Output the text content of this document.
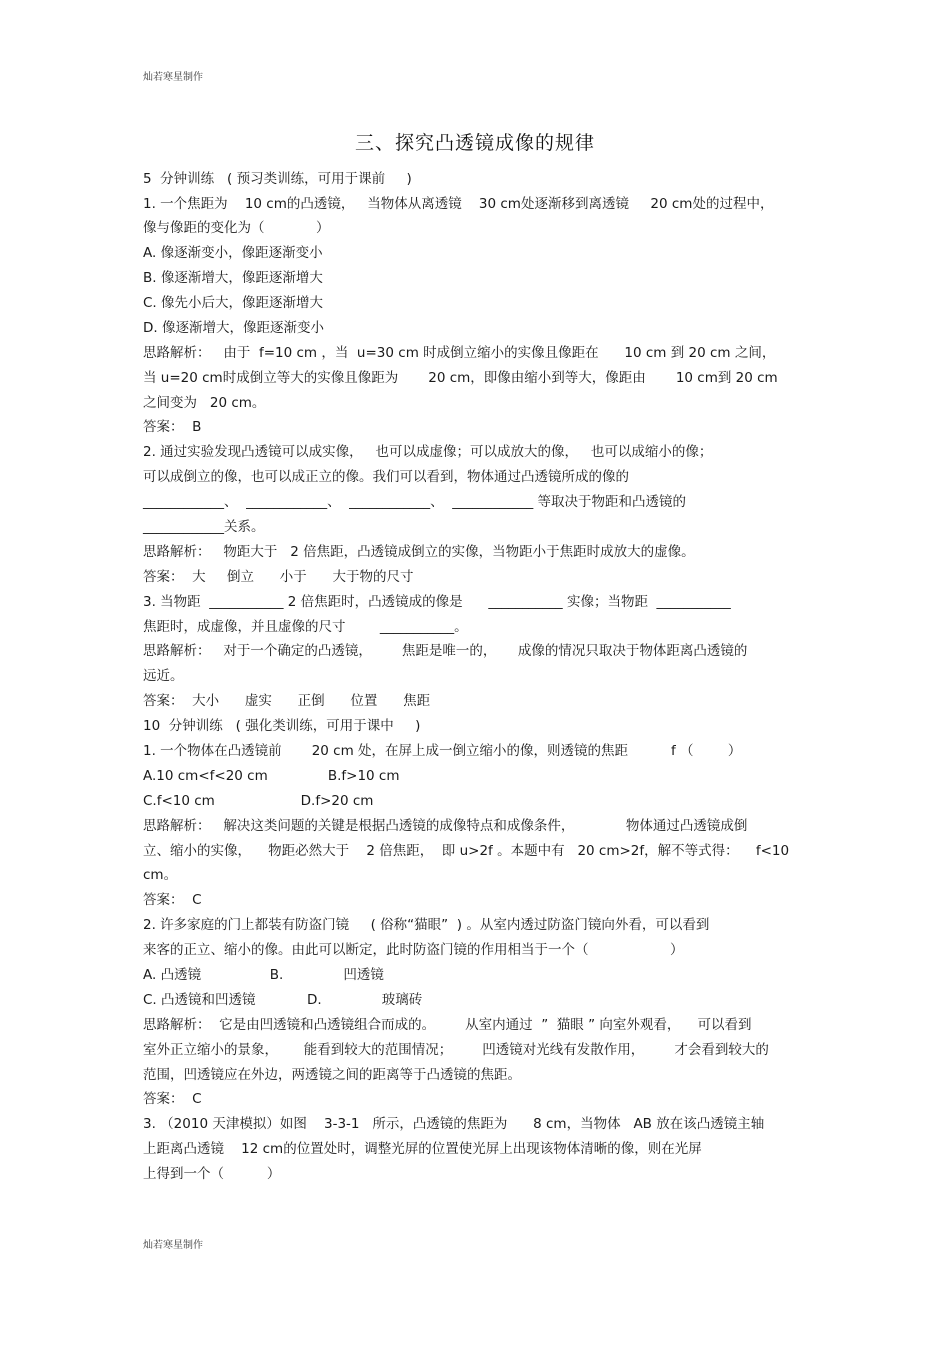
灿若寒星制作
三、探究凸透镜成像的规律
5  分钟训练   ( 预习类训练，可用于课前     )
1. 一个焦距为    10 cm的凸透镜，   当物体从离透镜    30 cm处逐渐移到离透镜     20 cm处的过程中，
像与像距的变化为（            ）
A. 像逐渐变小，像距逐渐变小
B. 像逐渐增大，像距逐渐增大
C. 像先小后大，像距逐渐增大
D. 像逐渐增大，像距逐渐变小
思路解析：   由于  f=10 cm ，当  u=30 cm 时成倒立缩小的实像且像距在      10 cm 到 20 cm 之间，
当 u=20 cm时成倒立等大的实像且像距为       20 cm，即像由缩小到等大，像距由       10 cm到 20 cm
之间变为   20 cm。
答案：  B
2. 通过实验发现凸透镜可以成实像，   也可以成虚像；可以成放大的像，   也可以成缩小的像；
可以成倒立的像，也可以成正立的像。我们可以看到，物体通过凸透镜所成的像的
____________、  ____________、  ____________、  ____________ 等取决于物距和凸透镜的
____________关系。
思路解析：   物距大于   2 倍焦距，凸透镜成倒立的实像，当物距小于焦距时成放大的虚像。
答案：  大     倒立      小于      大于物的尺寸
3. 当物距  ___________ 2 倍焦距时，凸透镜成的像是      ___________ 实像；当物距  ___________
焦距时，成虚像，并且虚像的尺寸        ___________。
思路解析：   对于一个确定的凸透镜，       焦距是唯一的，     成像的情况只取决于物体距离凸透镜的
远近。
答案：  大小      虚实      正倒      位置      焦距
10  分钟训练   ( 强化类训练，可用于课中     )
1. 一个物体在凸透镜前       20 cm 处，在屏上成一倒立缩小的像，则透镜的焦距          f （        ）
A.10 cm<f<20 cm              B.f>10 cm
C.f<10 cm                    D.f>20 cm
思路解析：   解决这类问题的关键是根据凸透镜的成像特点和成像条件，            物体通过凸透镜成倒
立、缩小的实像，    物距必然大于    2 倍焦距，  即 u>2f 。本题中有   20 cm>2f，解不等式得：    f<10
cm。
答案：  C
2. 许多家庭的门上都装有防盗门镜     ( 俗称“猫眼”  ) 。从室内透过防盗门镜向外看，可以看到
来客的正立、缩小的像。由此可以断定，此时防盗门镜的作用相当于一个（                   ）
A. 凸透镜                B.              凹透镜
C. 凸透镜和凹透镜            D.              玻璃砖
思路解析：  它是由凹透镜和凸透镜组合而成的。       从室内通过  ”  猫眼 ” 向室外观看，    可以看到
室外正立缩小的景象，      能看到较大的范围情况；       凹透镜对光线有发散作用，       才会看到较大的
范围，凹透镜应在外边，两透镜之间的距离等于凸透镜的焦距。
答案：  C
3. （2010 天津模拟）如图    3-3-1   所示，凸透镜的焦距为      8 cm，当物体   AB 放在该凸透镜主轴
上距离凸透镜    12 cm的位置处时，调整光屏的位置使光屏上出现该物体清晰的像，则在光屏
上得到一个（          ）
灿若寒星制作
